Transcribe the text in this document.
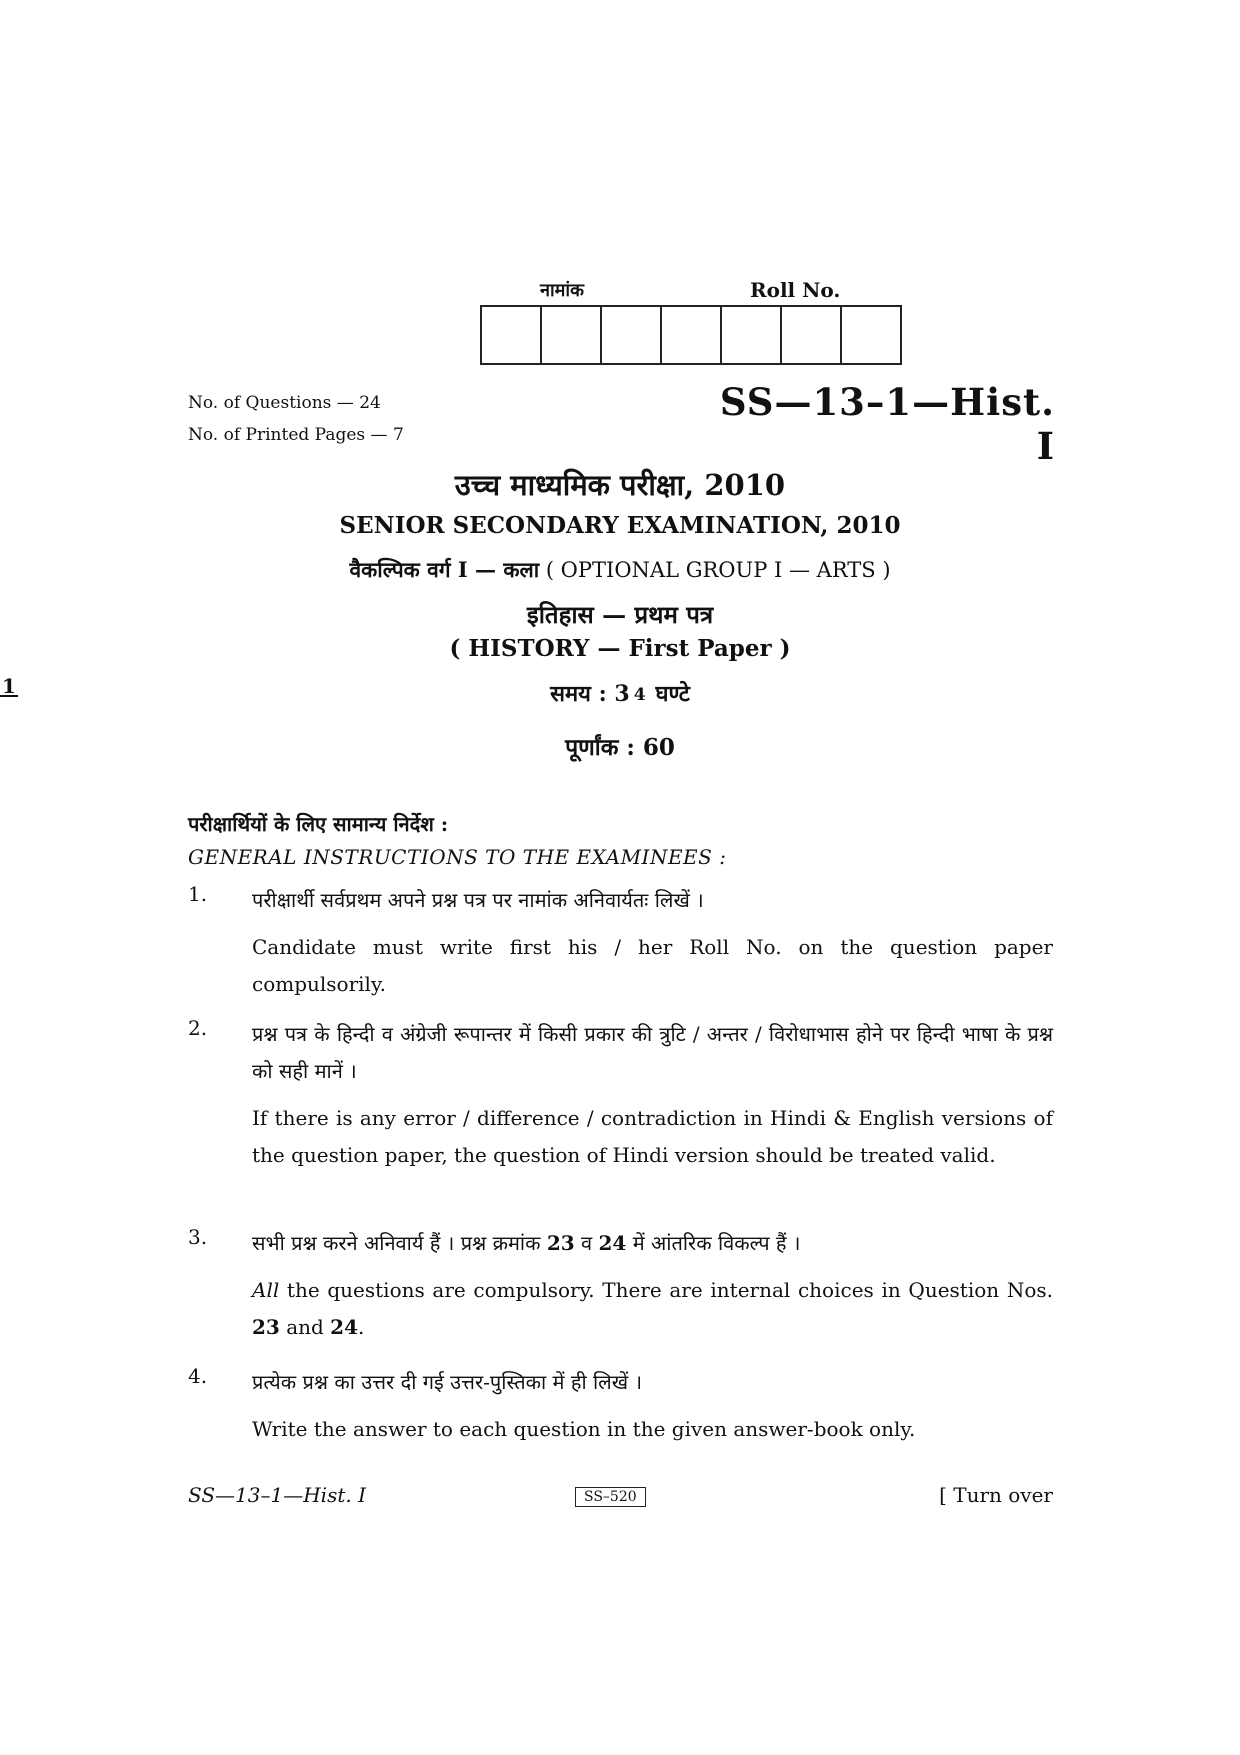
नामांक	Roll No.
No. of Questions — 24
No. of Printed Pages — 7
SS—13–1—Hist. I
उच्च माध्यमिक परीक्षा, 2010
SENIOR SECONDARY EXAMINATION, 2010
वैकल्पिक वर्ग I — कला ( OPTIONAL GROUP I — ARTS )
इतिहास — प्रथम पत्र
( HISTORY — First Paper )
समय : 3
1	4 घण्टे
पूर्णांक : 60
परीक्षार्थियों के लिए सामान्य निर्देश :
GENERAL INSTRUCTIONS TO THE EXAMINEES :
1. परीक्षार्थी सर्वप्रथम अपने प्रश्न पत्र पर नामांक अनिवार्यतः लिखें ।
Candidate must write first his / her Roll No. on the question paper compulsorily.
2. प्रश्न पत्र के हिन्दी व अंग्रेजी रूपान्तर में किसी प्रकार की त्रुटि / अन्तर / विरोधाभास होने पर हिन्दी भाषा के प्रश्न को सही मानें ।
If there is any error / difference / contradiction in Hindi & English versions of the question paper, the question of Hindi version should be treated valid.
3. सभी प्रश्न करने अनिवार्य हैं । प्रश्न क्रमांक 23 व 24 में आंतरिक विकल्प हैं ।
All the questions are compulsory. There are internal choices in Question Nos. 23 and 24.
4. प्रत्येक प्रश्न का उत्तर दी गई उत्तर-पुस्तिका में ही लिखें ।
Write the answer to each question in the given answer-book only.
SS—13–1—Hist. I	SS–520	[ Turn over
